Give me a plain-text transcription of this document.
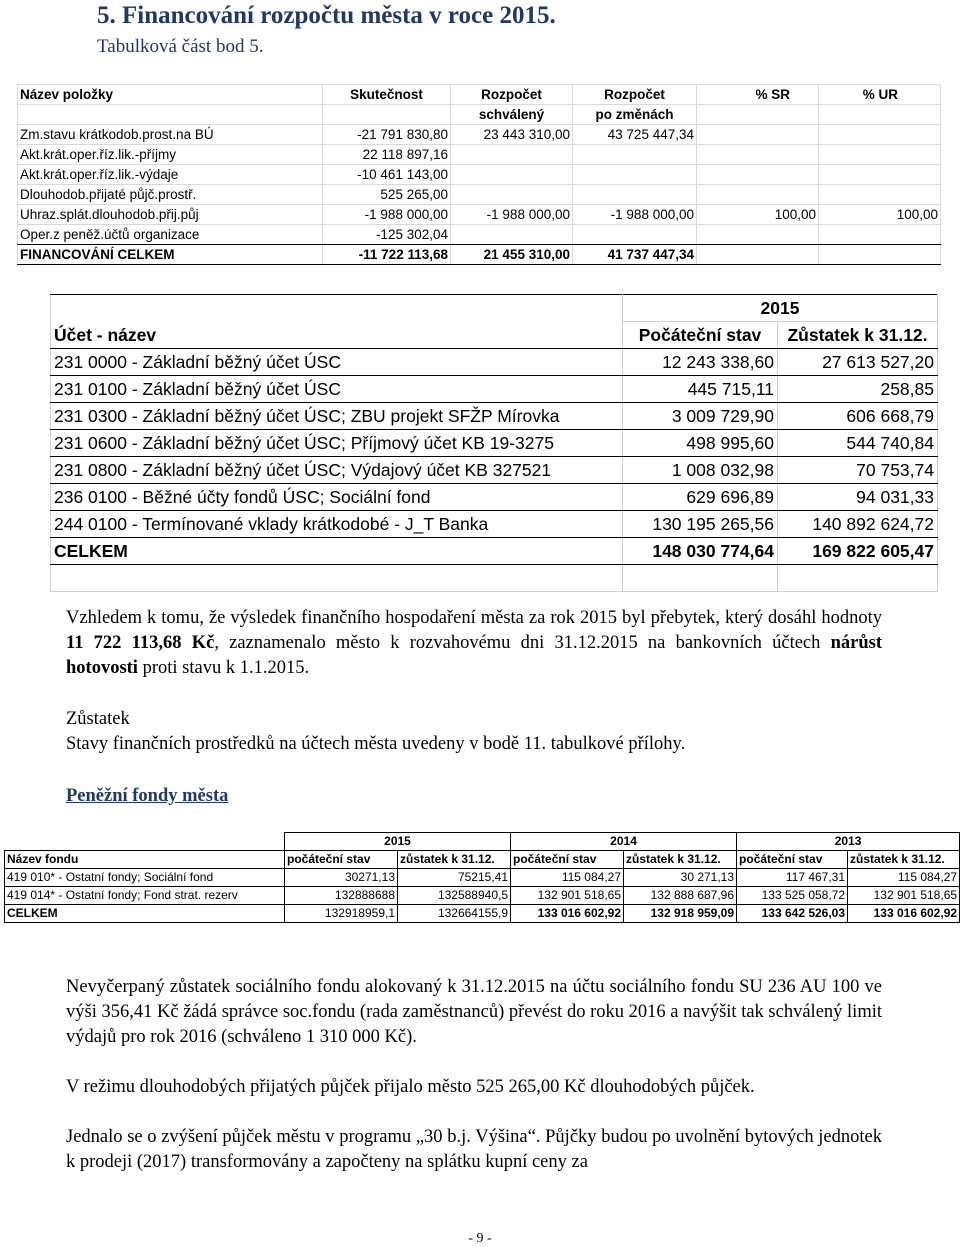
5. Financování rozpočtu města v roce 2015.
Tabulková část bod 5.
Název položky	Skutečnost	Rozpočet	Rozpočet	% SR	% UR
		schválený	po změnách		
Zm.stavu krátkodob.prost.na BÚ	-21 791 830,80	23 443 310,00	43 725 447,34		
Akt.krát.oper.říz.lik.-příjmy	22 118 897,16				
Akt.krát.oper.říz.lik.-výdaje	-10 461 143,00				
Dlouhodob.přijaté půjč.prostř.	525 265,00				
Uhraz.splát.dlouhodob.přij.půj	-1 988 000,00	-1 988 000,00	-1 988 000,00	100,00	100,00
Oper.z peněž.účtů organizace	-125 302,04				
FINANCOVÁNÍ CELKEM	-11 722 113,68	21 455 310,00	41 737 447,34		
	2015	
Účet - název	Počáteční stav	Zůstatek k 31.12.
231 0000 - Základní běžný účet ÚSC	12 243 338,60	27 613 527,20
231 0100 - Základní běžný účet ÚSC	445 715,11	258,85
231 0300 - Základní běžný účet ÚSC; ZBU projekt SFŽP Mírovka	3 009 729,90	606 668,79
231 0600 - Základní běžný účet ÚSC; Příjmový účet KB 19-3275	498 995,60	544 740,84
231 0800 - Základní běžný účet ÚSC; Výdajový účet KB 327521	1 008 032,98	70 753,74
236 0100 - Běžné účty fondů ÚSC; Sociální fond	629 696,89	94 031,33
244 0100 - Termínované vklady krátkodobé - J_T Banka	130 195 265,56	140 892 624,72
CELKEM	148 030 774,64	169 822 605,47

Vzhledem k tomu, že výsledek finančního hospodaření města za rok 2015 byl přebytek, který dosáhl hodnoty 11 722 113,68 Kč, zaznamenalo město k rozvahovému dni 31.12.2015 na bankovních účtech nárůst hotovosti proti stavu k 1.1.2015.
Zůstatek
Stavy finančních prostředků na účtech města uvedeny v bodě 11. tabulkové přílohy.
Peněžní fondy města
	2015		2014		2013	
Název fondu	počáteční stav	zůstatek k 31.12.	počáteční stav	zůstatek k 31.12.	počáteční stav	zůstatek k 31.12.
419 010* - Ostatní fondy; Sociální fond	30271,13	75215,41	115 084,27	30 271,13	117 467,31	115 084,27
419 014* - Ostatní fondy; Fond strat. rezerv	132888688	132588940,5	132 901 518,65	132 888 687,96	133 525 058,72	132 901 518,65
CELKEM	132918959,1	132664155,9	133 016 602,92	132 918 959,09	133 642 526,03	133 016 602,92
Nevyčerpaný zůstatek sociálního fondu alokovaný k 31.12.2015 na účtu sociálního fondu SU 236 AU 100 ve výši 356,41 Kč žádá správce soc.fondu (rada zaměstnanců) převést do roku 2016 a navýšit tak schválený limit výdajů pro rok 2016 (schváleno 1 310 000 Kč).
V režimu dlouhodobých přijatých půjček přijalo město 525 265,00 Kč dlouhodobých půjček.
Jednalo se o zvýšení půjček městu v programu „30 b.j. Výšina“. Půjčky budou po uvolnění bytových jednotek k prodeji (2017) transformovány a započteny na splátku kupní ceny za
- 9 -
